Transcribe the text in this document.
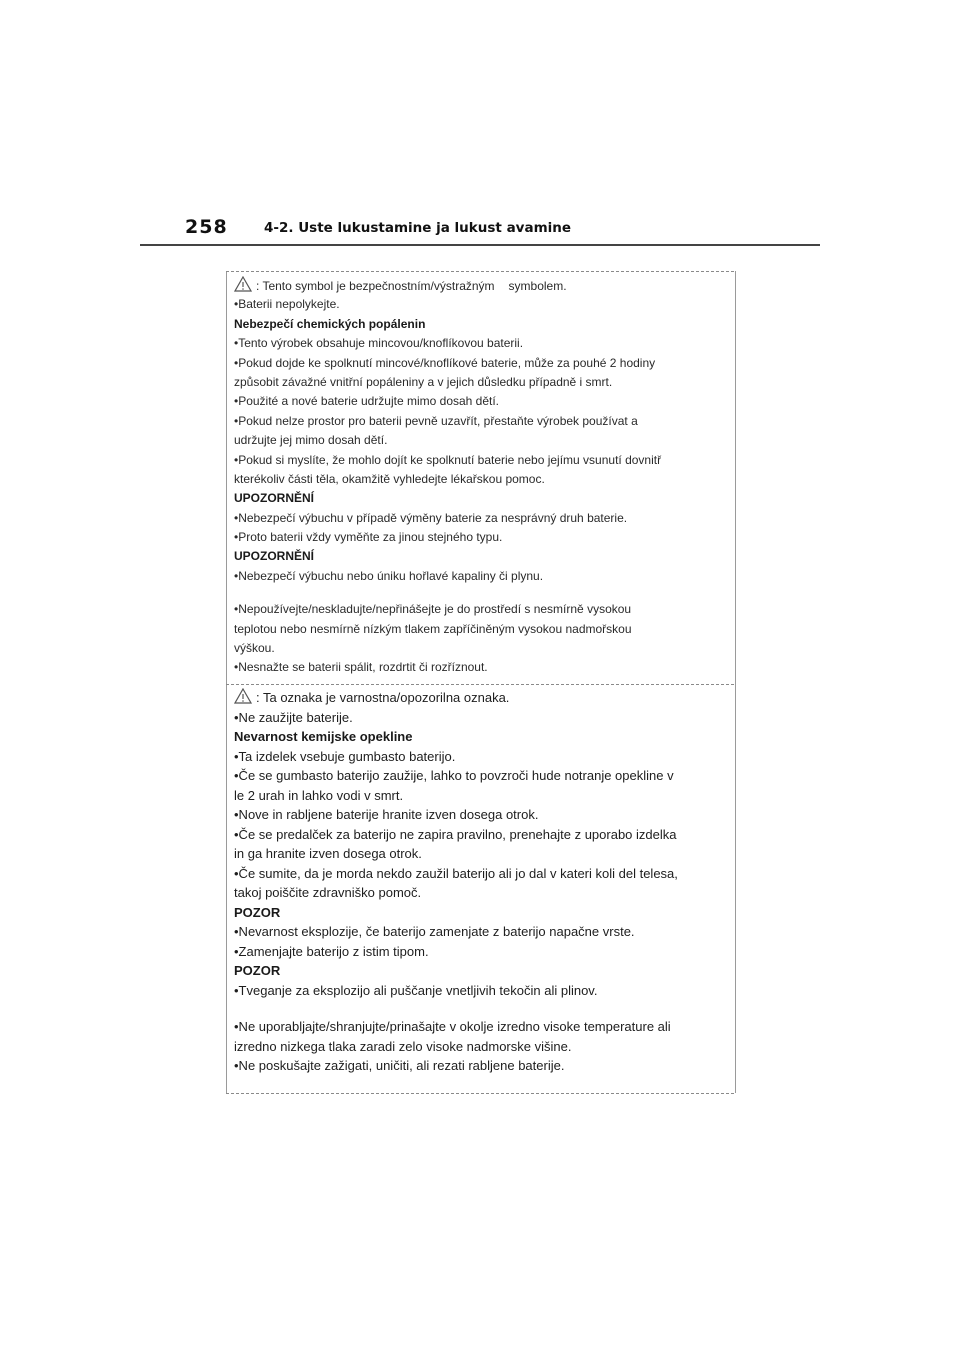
258	4-2. Uste lukustamine ja lukust avamine
: Tento symbol je bezpečnostním/výstražným symbolem.
•Baterii nepolykejte.
Nebezpečí chemických popálenin
•Tento výrobek obsahuje mincovou/knoflíkovou baterii.
•Pokud dojde ke spolknutí mincové/knoflíkové baterie, může za pouhé 2 hodiny
způsobit závažné vnitřní popáleniny a v jejich důsledku případně i smrt.
•Použité a nové baterie udržujte mimo dosah dětí.
•Pokud nelze prostor pro baterii pevně uzavřít, přestaňte výrobek používat a
udržujte jej mimo dosah dětí.
•Pokud si myslíte, že mohlo dojít ke spolknutí baterie nebo jejímu vsunutí dovnitř
kterékoliv části těla, okamžitě vyhledejte lékařskou pomoc.
UPOZORNĚNÍ
•Nebezpečí výbuchu v případě výměny baterie za nesprávný druh baterie.
•Proto baterii vždy vyměňte za jinou stejného typu.
UPOZORNĚNÍ
•Nebezpečí výbuchu nebo úniku hořlavé kapaliny či plynu.
•Nepoužívejte/neskladujte/nepřinášejte je do prostředí s nesmírně vysokou
teplotou nebo nesmírně nízkým tlakem zapříčiněným vysokou nadmořskou
výškou.
•Nesnažte se baterii spálit, rozdrtit či rozříznout.
: Ta oznaka je varnostna/opozorilna oznaka.
•Ne zaužijte baterije.
Nevarnost kemijske opekline
•Ta izdelek vsebuje gumbasto baterijo.
•Če se gumbasto baterijo zaužije, lahko to povzroči hude notranje opekline v
le 2 urah in lahko vodi v smrt.
•Nove in rabljene baterije hranite izven dosega otrok.
•Če se predalček za baterijo ne zapira pravilno, prenehajte z uporabo izdelka
in ga hranite izven dosega otrok.
•Če sumite, da je morda nekdo zaužil baterijo ali jo dal v kateri koli del telesa,
takoj poiščite zdravniško pomoč.
POZOR
•Nevarnost eksplozije, če baterijo zamenjate z baterijo napačne vrste.
•Zamenjajte baterijo z istim tipom.
POZOR
•Tveganje za eksplozijo ali puščanje vnetljivih tekočin ali plinov.
•Ne uporabljajte/shranjujte/prinašajte v okolje izredno visoke temperature ali
izredno nizkega tlaka zaradi zelo visoke nadmorske višine.
•Ne poskušajte zažigati, uničiti, ali rezati rabljene baterije.
